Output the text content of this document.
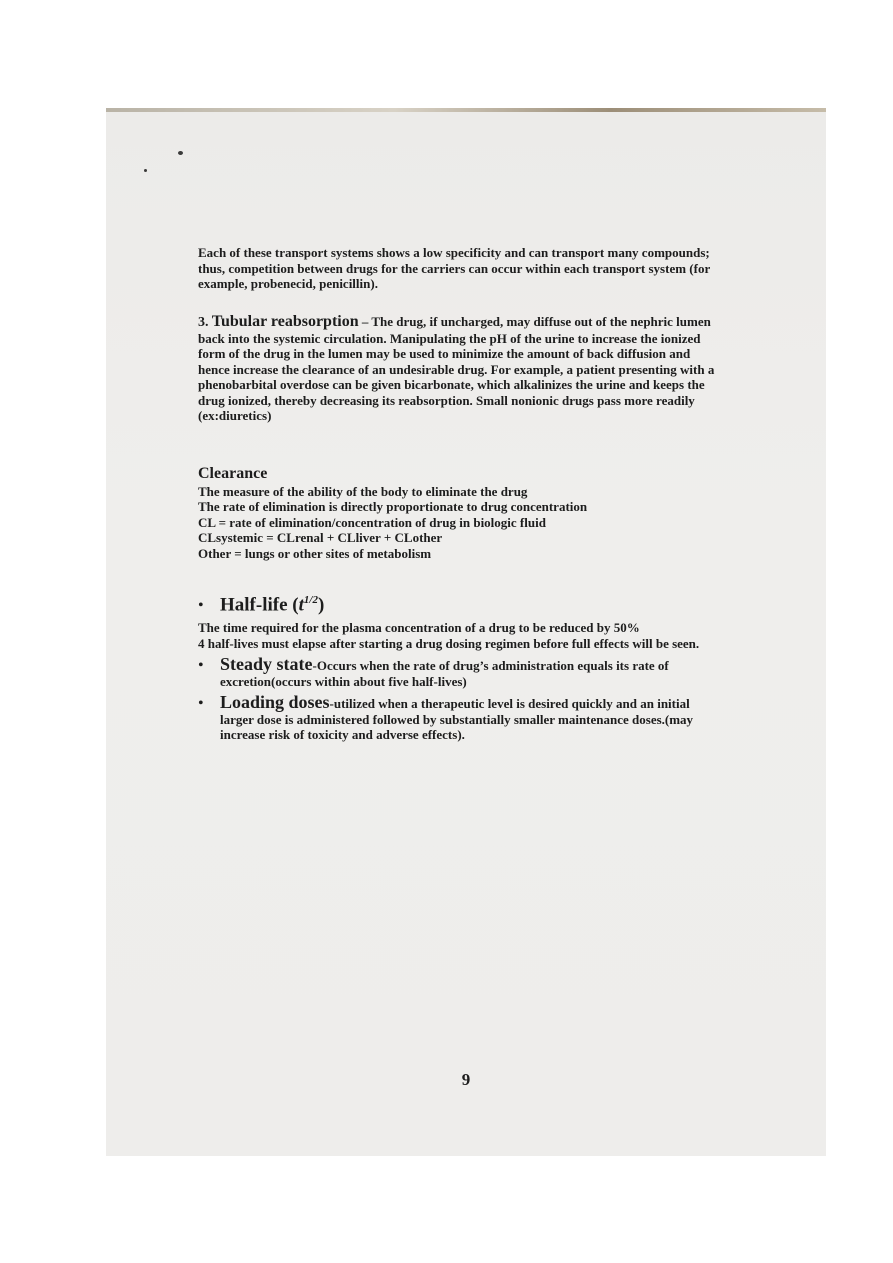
Each of these transport systems shows a low specificity and can transport many compounds; thus, competition between drugs for the carriers can occur within each transport system (for example, probenecid, penicillin).

3. Tubular reabsorption – The drug, if uncharged, may diffuse out of the nephric lumen back into the systemic circulation. Manipulating the pH of the urine to increase the ionized form of the drug in the lumen may be used to minimize the amount of back diffusion and hence increase the clearance of an undesirable drug. For example, a patient presenting with a phenobarbital overdose can be given bicarbonate, which alkalinizes the urine and keeps the drug ionized, thereby decreasing its reabsorption. Small nonionic drugs pass more readily (ex:diuretics)

Clearance

The measure of the ability of the body to eliminate the drug

The rate of elimination is directly proportionate to drug concentration

CL = rate of elimination/concentration of drug in biologic fluid

CLsystemic = CLrenal + CLliver + CLother

Other = lungs or other sites of metabolism

• Half-life $(t^{1/2})$

The time required for the plasma concentration of a drug to be reduced by 50%

4 half-lives must elapse after starting a drug dosing regimen before full effects will be seen.

• Steady state-Occurs when the rate of drug’s administration equals its rate of excretion(occurs within about five half-lives)

• Loading doses-utilized when a therapeutic level is desired quickly and an initial larger dose is administered followed by substantially smaller maintenance doses.(may increase risk of toxicity and adverse effects).

9
